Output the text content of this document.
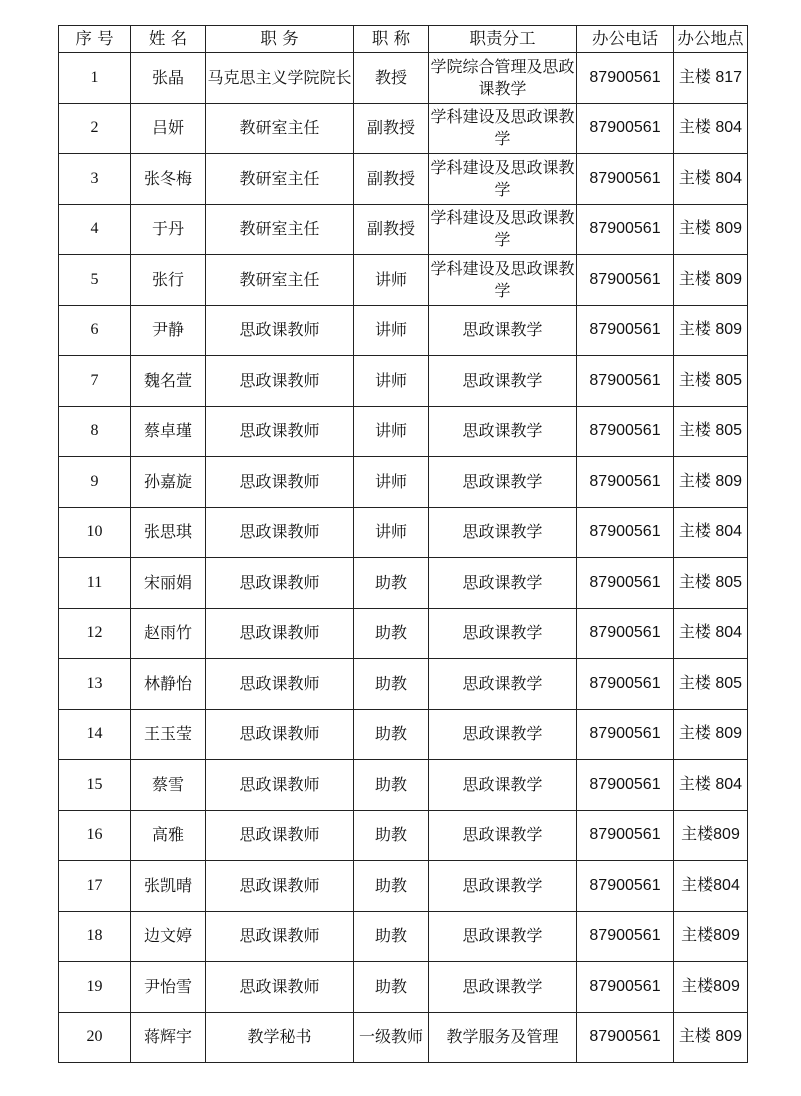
序 号	姓 名	职 务	职 称	职责分工	办公电话	办公地点
1	张晶	马克思主义学院院长	教授	学院综合管理及思政课教学	87900561	主楼 817
2	吕妍	教研室主任	副教授	学科建设及思政课教学	87900561	主楼 804
3	张冬梅	教研室主任	副教授	学科建设及思政课教学	87900561	主楼 804
4	于丹	教研室主任	副教授	学科建设及思政课教学	87900561	主楼 809
5	张行	教研室主任	讲师	学科建设及思政课教学	87900561	主楼 809
6	尹静	思政课教师	讲师	思政课教学	87900561	主楼 809
7	魏名萱	思政课教师	讲师	思政课教学	87900561	主楼 805
8	蔡卓瑾	思政课教师	讲师	思政课教学	87900561	主楼 805
9	孙嘉旋	思政课教师	讲师	思政课教学	87900561	主楼 809
10	张思琪	思政课教师	讲师	思政课教学	87900561	主楼 804
11	宋丽娟	思政课教师	助教	思政课教学	87900561	主楼 805
12	赵雨竹	思政课教师	助教	思政课教学	87900561	主楼 804
13	林静怡	思政课教师	助教	思政课教学	87900561	主楼 805
14	王玉莹	思政课教师	助教	思政课教学	87900561	主楼 809
15	蔡雪	思政课教师	助教	思政课教学	87900561	主楼 804
16	高雅	思政课教师	助教	思政课教学	87900561	主楼809
17	张凯晴	思政课教师	助教	思政课教学	87900561	主楼804
18	边文婷	思政课教师	助教	思政课教学	87900561	主楼809
19	尹怡雪	思政课教师	助教	思政课教学	87900561	主楼809
20	蒋辉宇	教学秘书	一级教师	教学服务及管理	87900561	主楼 809
